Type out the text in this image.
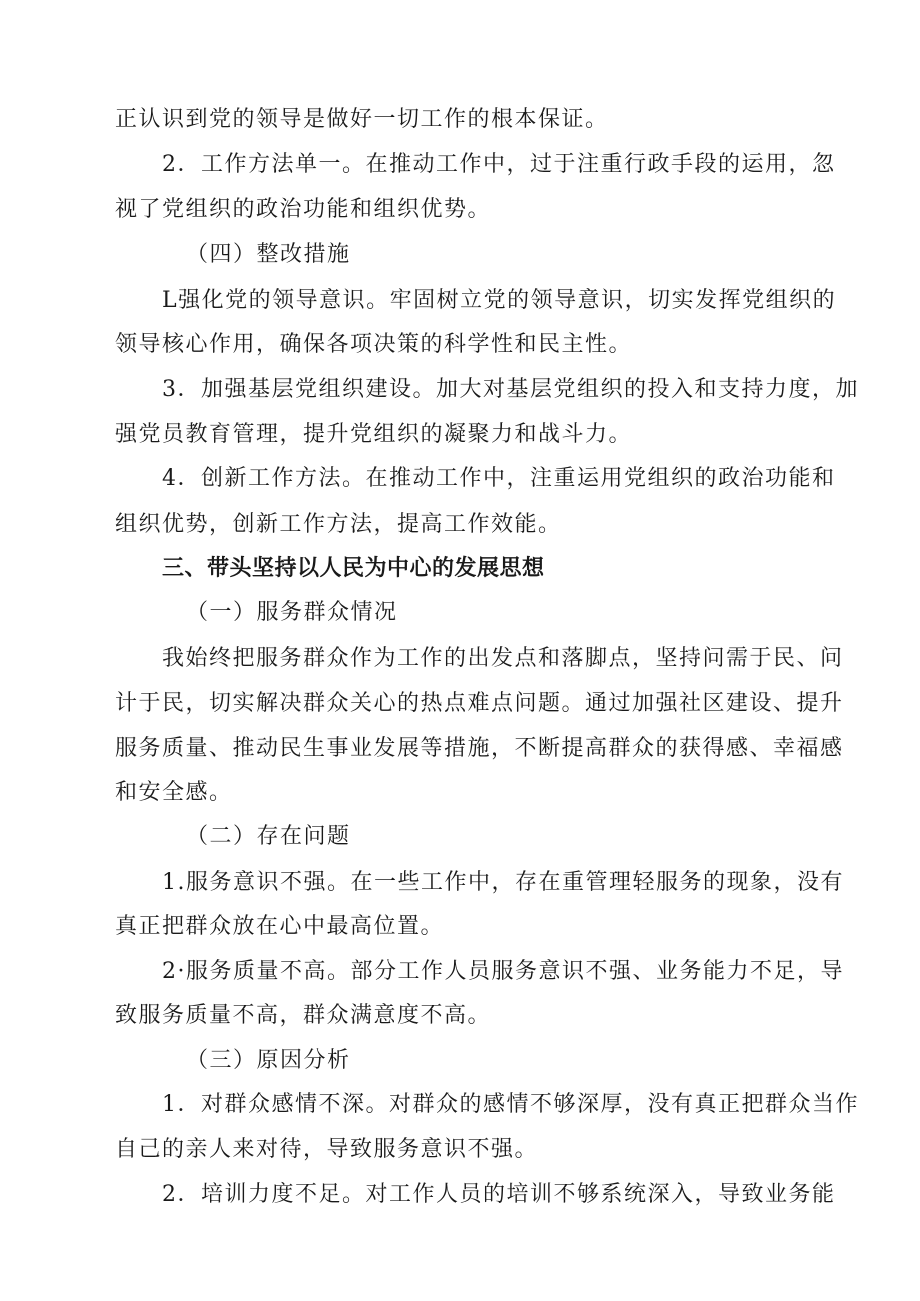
正认识到党的领导是做好一切工作的根本保证。
2．工作方法单一。在推动工作中，过于注重行政手段的运用，忽
视了党组织的政治功能和组织优势。
（四）整改措施
L强化党的领导意识。牢固树立党的领导意识，切实发挥党组织的
领导核心作用，确保各项决策的科学性和民主性。
3．加强基层党组织建设。加大对基层党组织的投入和支持力度，加
强党员教育管理，提升党组织的凝聚力和战斗力。
4．创新工作方法。在推动工作中，注重运用党组织的政治功能和
组织优势，创新工作方法，提高工作效能。
三、带头坚持以人民为中心的发展思想
（一）服务群众情况
我始终把服务群众作为工作的出发点和落脚点，坚持问需于民、问
计于民，切实解决群众关心的热点难点问题。通过加强社区建设、提升
服务质量、推动民生事业发展等措施，不断提高群众的获得感、幸福感
和安全感。
（二）存在问题
1.服务意识不强。在一些工作中，存在重管理轻服务的现象，没有
真正把群众放在心中最高位置。
2·服务质量不高。部分工作人员服务意识不强、业务能力不足，导
致服务质量不高，群众满意度不高。
（三）原因分析
1．对群众感情不深。对群众的感情不够深厚，没有真正把群众当作
自己的亲人来对待，导致服务意识不强。
2．培训力度不足。对工作人员的培训不够系统深入，导致业务能
